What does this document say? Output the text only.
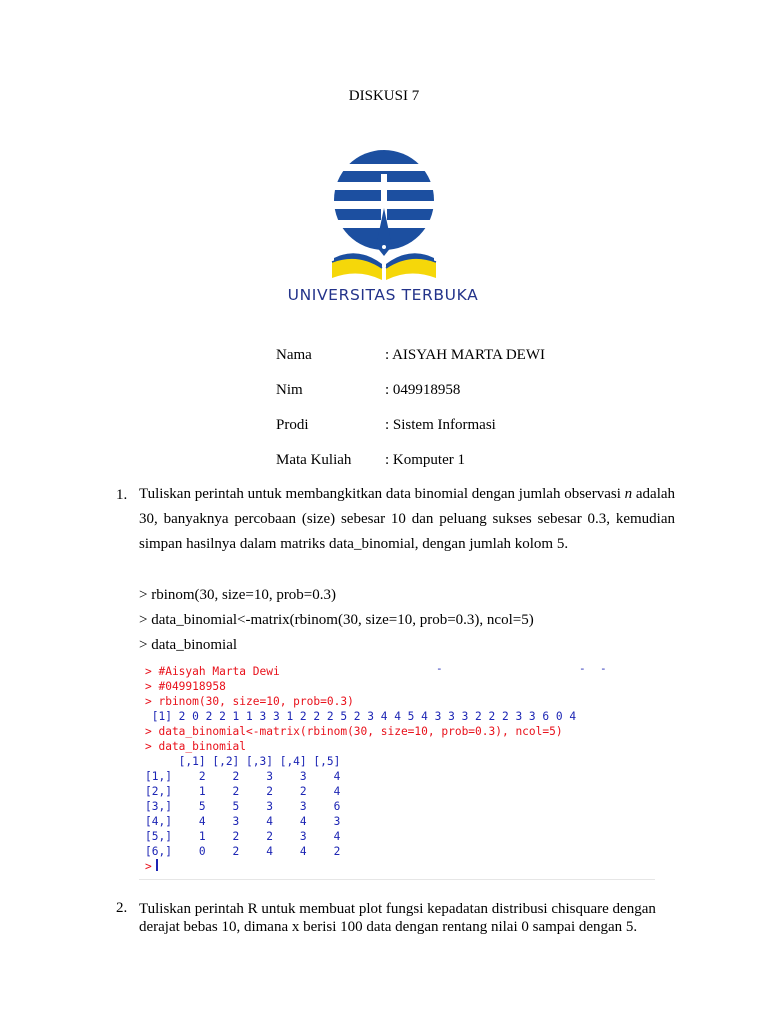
DISKUSI 7
UNIVERSITAS TERBUKA
Nama	: AISYAH MARTA DEWI
Nim	: 049918958
Prodi	: Sistem Informasi
Mata Kuliah : Komputer 1
1. Tuliskan perintah untuk membangkitkan data binomial dengan jumlah observasi n adalah 30, banyaknya percobaan (size) sebesar 10 dan peluang sukses sebesar 0.3, kemudian simpan hasilnya dalam matriks data_binomial, dengan jumlah kolom 5.

> rbinom(30, size=10, prob=0.3)
> data_binomial<-matrix(rbinom(30, size=10, prob=0.3), ncol=5)
> data_binomial
-	- -
> #Aisyah Marta Dewi
> #049918958
> rbinom(30, size=10, prob=0.3)
[1] 2 0 2 2 1 1 3 3 1 2 2 2 5 2 3 4 4 5 4 3 3 3 2 2 2 3 3 6 0 4
> data_binomial<-matrix(rbinom(30, size=10, prob=0.3), ncol=5)
> data_binomial
[,1] [,2] [,3] [,4] [,5]
[1,]    2    2    3    3    4
[2,]    1    2    2    2    4
[3,]    5    5    3    3    6
[4,]    4    3    4    4    3
[5,]    1    2    2    3    4
[6,]    0    2    4    4    2
>
2. Tuliskan perintah R untuk membuat plot fungsi kepadatan distribusi chisquare dengan derajat bebas 10, dimana x berisi 100 data dengan rentang nilai 0 sampai dengan 5.
